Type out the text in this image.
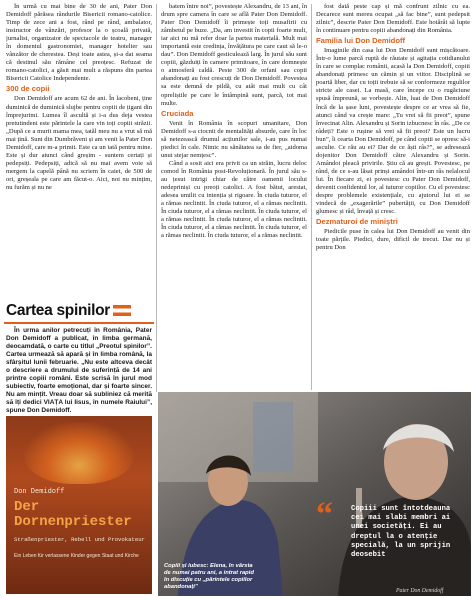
În urmă cu mai bine de 30 de ani, Pater Don Demidoff părăsea rândurile Bisericii romano-catolice. Timp de zece ani a fost, rând pe rând, ambalator, instructor de vânzări, profesor la o școală privată, jurnalist, organizator de spectacole de teatru, manager în domeniul gastronomiei, manager hotelier sau vânzător de cherestea. Deși toate astea, și-a dat seama că destinul său rămâne cel preoțesc. Refuzat de romano-catolici, a găsit mai mult a răspuns din partea Bisericii Catolice Independente.

300 de copii

Don Demidoff are acum 62 de ani. În lacobeni, ține duminică de duminică slujbe pentru copiii de țigani din împrejurimi. Lumea îl ascultă și i-a dus deja vestea pretutindeni este părintele la care vin toți copiii străzii. „După ce a murit mama mea, tatăl meu nu a vrut să mă mai țină. Sunt din Dumbrăveni și am venit la Pater Don Demidoff, care m-a primit. Este ca un tată pentru mine. Este și dur atunci când greșim - suntem certați și pedepsiți. Pedepsiți, adică să nu mai avem voie să mergem la capelă până nu scriem în caiet, de 500 de ori, greșeala pe care am făcut-o. Aici, noi nu mințim, nu furăm și nu ne

batem între noi”, povestește Alexandru, de 13 ani, în drum spre camera în care se află Pater Don Demidoff. Pater Don Demidoff îi primește toți musafirii cu zâmbetul pe buze. „Da, am investit în copii foarte mult, iar aici nu mă refer doar la partea materială. Mult mai importantă este credința, învățătura pe care caut să le-o dau”. Don Demidoff gesticulează larg. În jurul său sunt copiii, găzduiți în camere primitoare, în care domnește o atmosferă caldă. Peste 300 de orfani sau copii abandonați au fost crescuți de Don Demidoff. Povestea sa este demnă de pildă, cu atât mai mult cu cât opreliștile pe care le întâmpină sunt, parcă, tot mai multe.

Cruciada

Venit în România în scopuri umanitare, Don Demidoff s-a ciocnit de mentalități absurde, care în loc să netezească drumul acțiunilor sale, i-au pus numai piedici în cale. Nimic nu sănătatea sa de fier, „aidoma unui stejar nemțesc”.

Când a sosit aici era privit ca un străin, lucru deloc comod în România post-Revoluționară. În jurul său s-au țesut intrigi chiar de către oamenii locului nedepriniși cu preoți catolici. A fost bătut, arestat, adesea umilit cu intenția și rigoare. În ciuda tuturor, el a rămas neclintit. În ciuda tuturor, el a rămas neclintit. În ciuda tuturor, el a rămas neclintit. În ciuda tuturor, el a rămas neclintit. În ciuda tuturor, el a rămas neclintit. În ciuda tuturor, el a rămas neclintit. În ciuda tuturor, el a rămas neclintit. În ciuda tuturor, el a rămas neclintit.

fost dată peste cap și mă confrunt zilnic cu ea. Decarece sunt mereu ocupat „să fac bine”, sunt pedepsit zilnic”, descrie Pater Don Demidoff. Este hotărât să lupte în continuare pentru copiii abandonați din România.

Familia lui Don Demidoff

Imaginile din casa lui Don Demidoff sunt mișcătoare. Într-o lume parcă ruptă de răutate și agitația cotidianului în care se complac românii, acasă la Don Demidoff, copiii abandonați primesc un cămin și un viitor. Disciplină se poartă liber, dar cu toții trebuie să se conformeze regulilor stricte ale casei. La masă, care începe cu o rugăciune spusă împreună, se vorbește. Alin, luat de Don Demidoff încă de la șase luni, povestește despre ce ar vrea să fie, atunci când va crește mare: „Tu vrei să fii preot”, spune învecinat Alin. Alexandru și Sorin izbucnesc în râs. „De ce râdeți? Este o rușine să vrei să fii preot? Este un lucru bun”, îi cearta Don Demidoff, pe când copiii se opresc să-i asculte. Ce rău au ei? Dar de ce ăști râs?”, se adresează dojenitor Don Demidoff către Alexandru și Sorin. Amândoi pleacă privirile. Știu că au greșit. Povestesc, pe rând, de ce s-au lăsat prinși amândoi într-un râs nelalocul lui. În fiecare zi, ei povestesc cu Pater Don Demidoff, devenit confidentul lor, al tuturor copiilor. Cu el povestesc despre problemele existențiale, cu ajutorul lui ei se vindecă de „exagerările” pubertății, cu Don Demidoff glumesc și râd, învață și cresc.

Dezmaturoi de miniștri

Piedicile puse în calea lui Don Demidoff au venit din toate părțile. Piedici, dure, dificil de trecut. Dar nu și pentru Don

Cartea spinilor
În urma anilor petrecuți în România, Pater Don Demidoff a publicat, în limba germană, deocamdată, o carte cu titlul „Preotul spinilor”. Cartea urmează să apară și în limba română, la sfârșitul lunii februarie. „Nu este altceva decât o descriere a drumului de suferință de 14 ani printre copiii români. Este scrisă în jurul mod subiectiv, foarte emoțional, dar și foarte sincer. Nu am mințit. Vreau doar să subliniez că merită să îți dedici VIAȚA lui Iisus, în numele Raiului”, spune Don Demidoff.
Don Demidoff
Der
Dornenpriester
Straßenpriester, Rebell und Provokateur
Ein Leben für verlassene Kinder gegen Staat und Kirche
Copiii și iubesc: Elena, în vârsta de numai patru ani, a intrat rapid în discuție cu „părintele copiilor abandonați”
“	Copiii sunt întotdeauna cei mai slabi membri ai unei societăți. Ei au dreptul la o atenție specială, la un sprijin deosebit
Pater Don Demidoff
